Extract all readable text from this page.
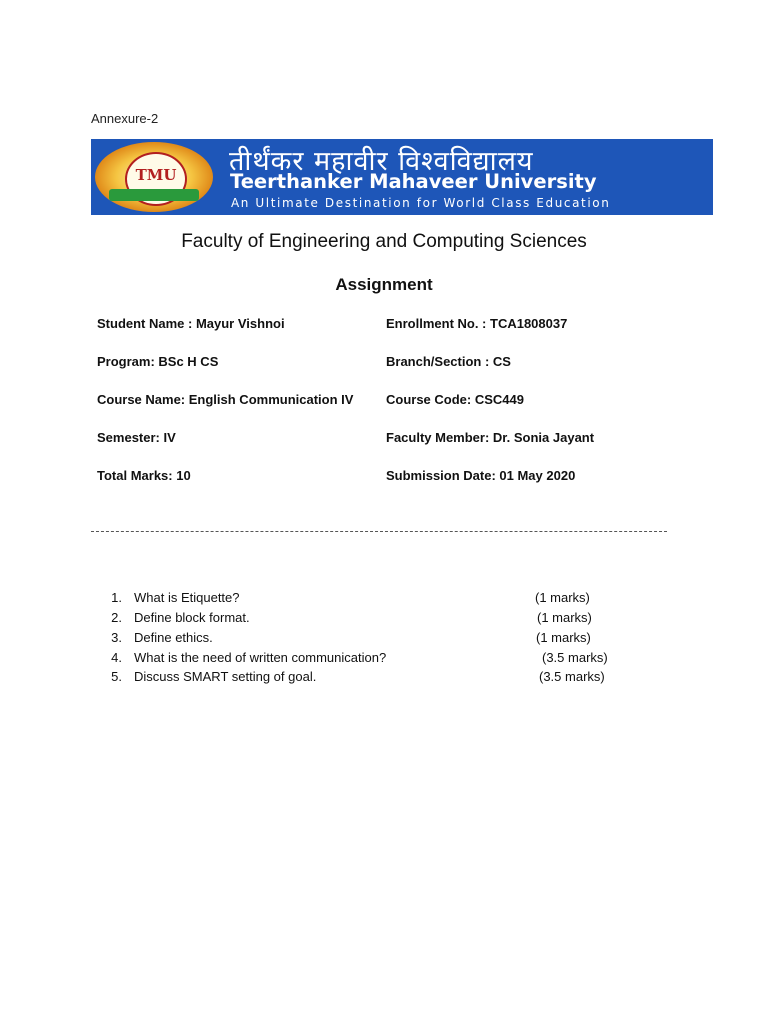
Annexure-2
TMU	तीर्थंकर महावीर विश्वविद्यालय
Teerthanker Mahaveer University
An Ultimate Destination for World Class Education
Faculty of Engineering and Computing Sciences
Assignment
Student Name : Mayur Vishnoi	Enrollment No. : TCA1808037
Program: BSc H CS	Branch/Section : CS
Course Name: English Communication IV	Course Code: CSC449
Semester: IV	Faculty Member: Dr. Sonia Jayant
Total Marks: 10	Submission Date: 01 May 2020
1. What is Etiquette?	(1 marks)
2. Define block format.	(1 marks)
3. Define ethics.	(1 marks)
4. What is the need of written communication?	(3.5 marks)
5. Discuss SMART setting of goal.	(3.5 marks)
